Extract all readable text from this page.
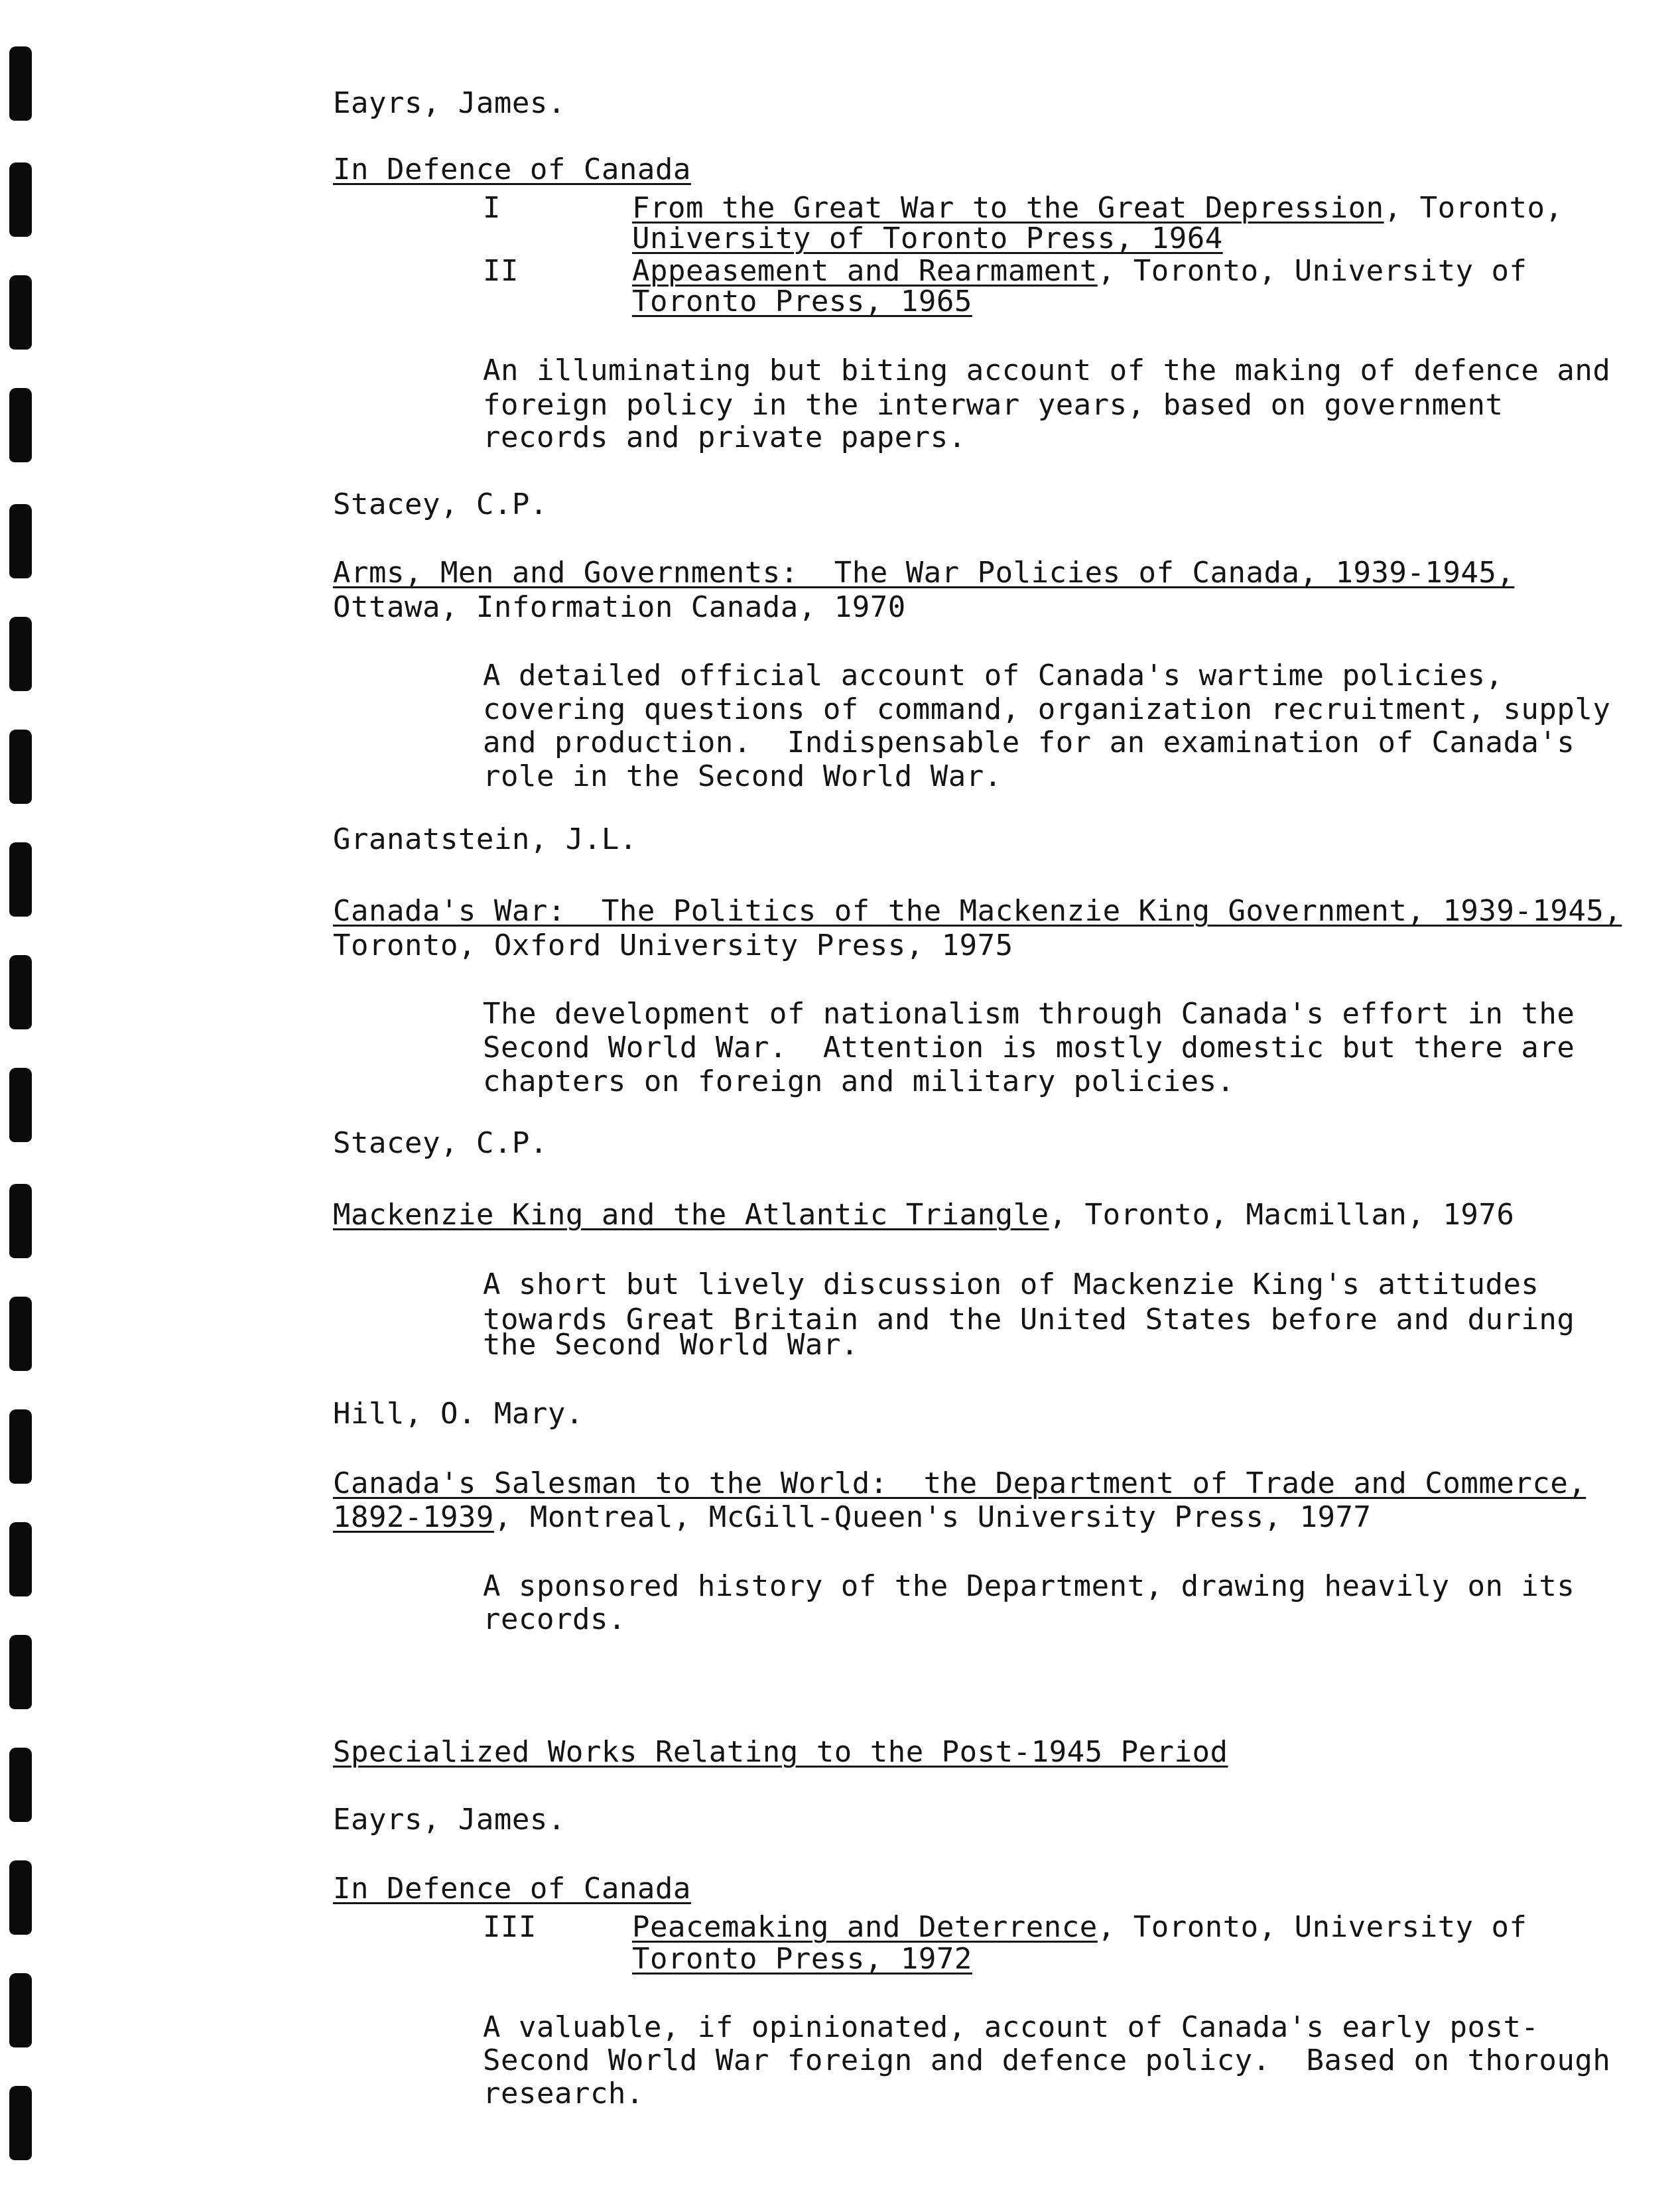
Eayrs, James.
In Defence of Canada
I	From the Great War to the Great Depression, Toronto,
University of Toronto Press, 1964
II	Appeasement and Rearmament, Toronto, University of
Toronto Press, 1965
An illuminating but biting account of the making of defence and
foreign policy in the interwar years, based on government
records and private papers.
Stacey, C.P.
Arms, Men and Governments:  The War Policies of Canada, 1939-1945,
Ottawa, Information Canada, 1970
A detailed official account of Canada's wartime policies,
covering questions of command, organization recruitment, supply
and production.  Indispensable for an examination of Canada's
role in the Second World War.
Granatstein, J.L.
Canada's War:  The Politics of the Mackenzie King Government, 1939-1945,
Toronto, Oxford University Press, 1975
The development of nationalism through Canada's effort in the
Second World War.  Attention is mostly domestic but there are
chapters on foreign and military policies.
Stacey, C.P.
Mackenzie King and the Atlantic Triangle, Toronto, Macmillan, 1976
A short but lively discussion of Mackenzie King's attitudes
towards Great Britain and the United States before and during
the Second World War.
Hill, O. Mary.
Canada's Salesman to the World:  the Department of Trade and Commerce,
1892-1939, Montreal, McGill-Queen's University Press, 1977
A sponsored history of the Department, drawing heavily on its
records.
Specialized Works Relating to the Post-1945 Period
Eayrs, James.
In Defence of Canada
III	Peacemaking and Deterrence, Toronto, University of
Toronto Press, 1972
A valuable, if opinionated, account of Canada's early post-
Second World War foreign and defence policy.  Based on thorough
research.
